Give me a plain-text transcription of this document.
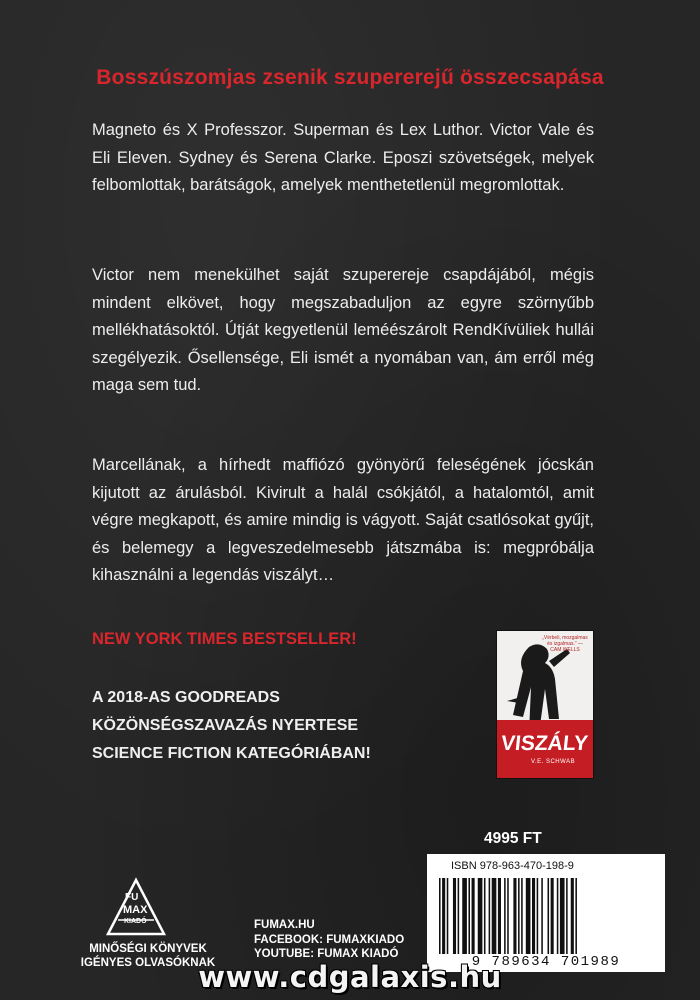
Bosszúszomjas zsenik szupererejű összecsapása

Magneto és X Professzor. Superman és Lex Luthor. Victor Vale és Eli Eleven. Sydney és Serena Clarke. Eposzi szövetségek, melyek felbomlottak, barátságok, amelyek menthetetlenül megromlottak.

Victor nem menekülhet saját szuperereje csapdájából, mégis mindent elkövet, hogy megszabaduljon az egyre szörnyűbb mellékhatásoktól. Útját kegyetlenül leméészárolt RendKívüliek hullái szegélyezik. Ősellensége, Eli ismét a nyomában van, ám erről még maga sem tud.

Marcellának, a hírhedt maffiózó gyönyörű feleségének jócskán kijutott az árulásból. Kivirult a halál csókjától, a hatalomtól, amit végre megkapott, és amire mindig is vágyott. Saját csatlósokat gyűjt, és belemegy a legveszedelmesebb játszmába is: megpróbálja kihasználni a legendás viszályt…

NEW YORK TIMES BESTSELLER!
A 2018-AS GOODREADS
KÖZÖNSÉGSZAVAZÁS NYERTESE
SCIENCE FICTION KATEGÓRIÁBAN!
„Vérbeli, mozgalmas és izgalmas.” — CAM WELLS
VISZÁLY
V.E. SCHWAB
4995 FT
ISBN 978-963-470-198-9
9 789634 701989
FU
MAX
KIADÓ
MINŐSÉGI KÖNYVEK
IGÉNYES OLVASÓKNAK
FUMAX.HU
FACEBOOK: FUMAXKIADO
YOUTUBE: FUMAX KIADÓ
www.cdgalaxis.hu
